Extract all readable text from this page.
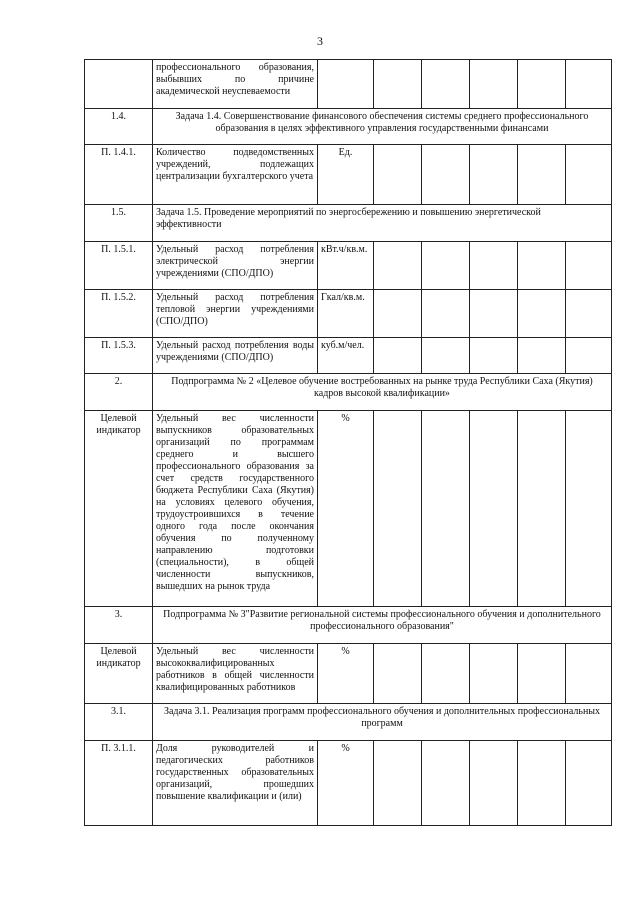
3
	профессионального образования, выбывших по причине академической неуспеваемости						
1.4.	Задача 1.4. Совершенствование финансового обеспечения системы среднего профессионального образования в целях эффективного управления государственными финансами						
П. 1.4.1.	Количество подведомственных учреждений, подлежащих централизации бухгалтерского учета	Ед.					
1.5.	Задача 1.5. Проведение мероприятий по энергосбережению и повышению энергетической эффективности						
П. 1.5.1.	Удельный расход потребления электрической энергии учреждениями (СПО/ДПО)	кВт.ч/кв.м.					
П. 1.5.2.	Удельный расход потребления тепловой энергии учреждениями (СПО/ДПО)	Гкал/кв.м.					
П. 1.5.3.	Удельный расход потребления воды учреждениями (СПО/ДПО)	куб.м/чел.					
2.	Подпрограмма № 2 «Целевое обучение востребованных на рынке труда Республики Саха (Якутия) кадров высокой квалификации»						
Целевой индикатор	Удельный вес численности выпускников образовательных организаций по программам среднего и высшего профессионального образования за счет средств государственного бюджета Республики Саха (Якутия) на условиях целевого обучения, трудоустроившихся в течение одного года после окончания обучения по полученному направлению подготовки (специальности), в общей численности выпускников, вышедших на рынок труда	%					
3.	Подпрограмма № 3"Развитие региональной системы профессионального обучения и дополнительного профессионального образования"						
Целевой индикатор	Удельный вес численности высококвалифицированных работников в общей численности квалифицированных работников	%					
3.1.	Задача 3.1. Реализация программ профессионального обучения и дополнительных профессиональных программ						
П. 3.1.1.	Доля руководителей и педагогических работников государственных образовательных организаций, прошедших повышение квалификации и (или)	%					
